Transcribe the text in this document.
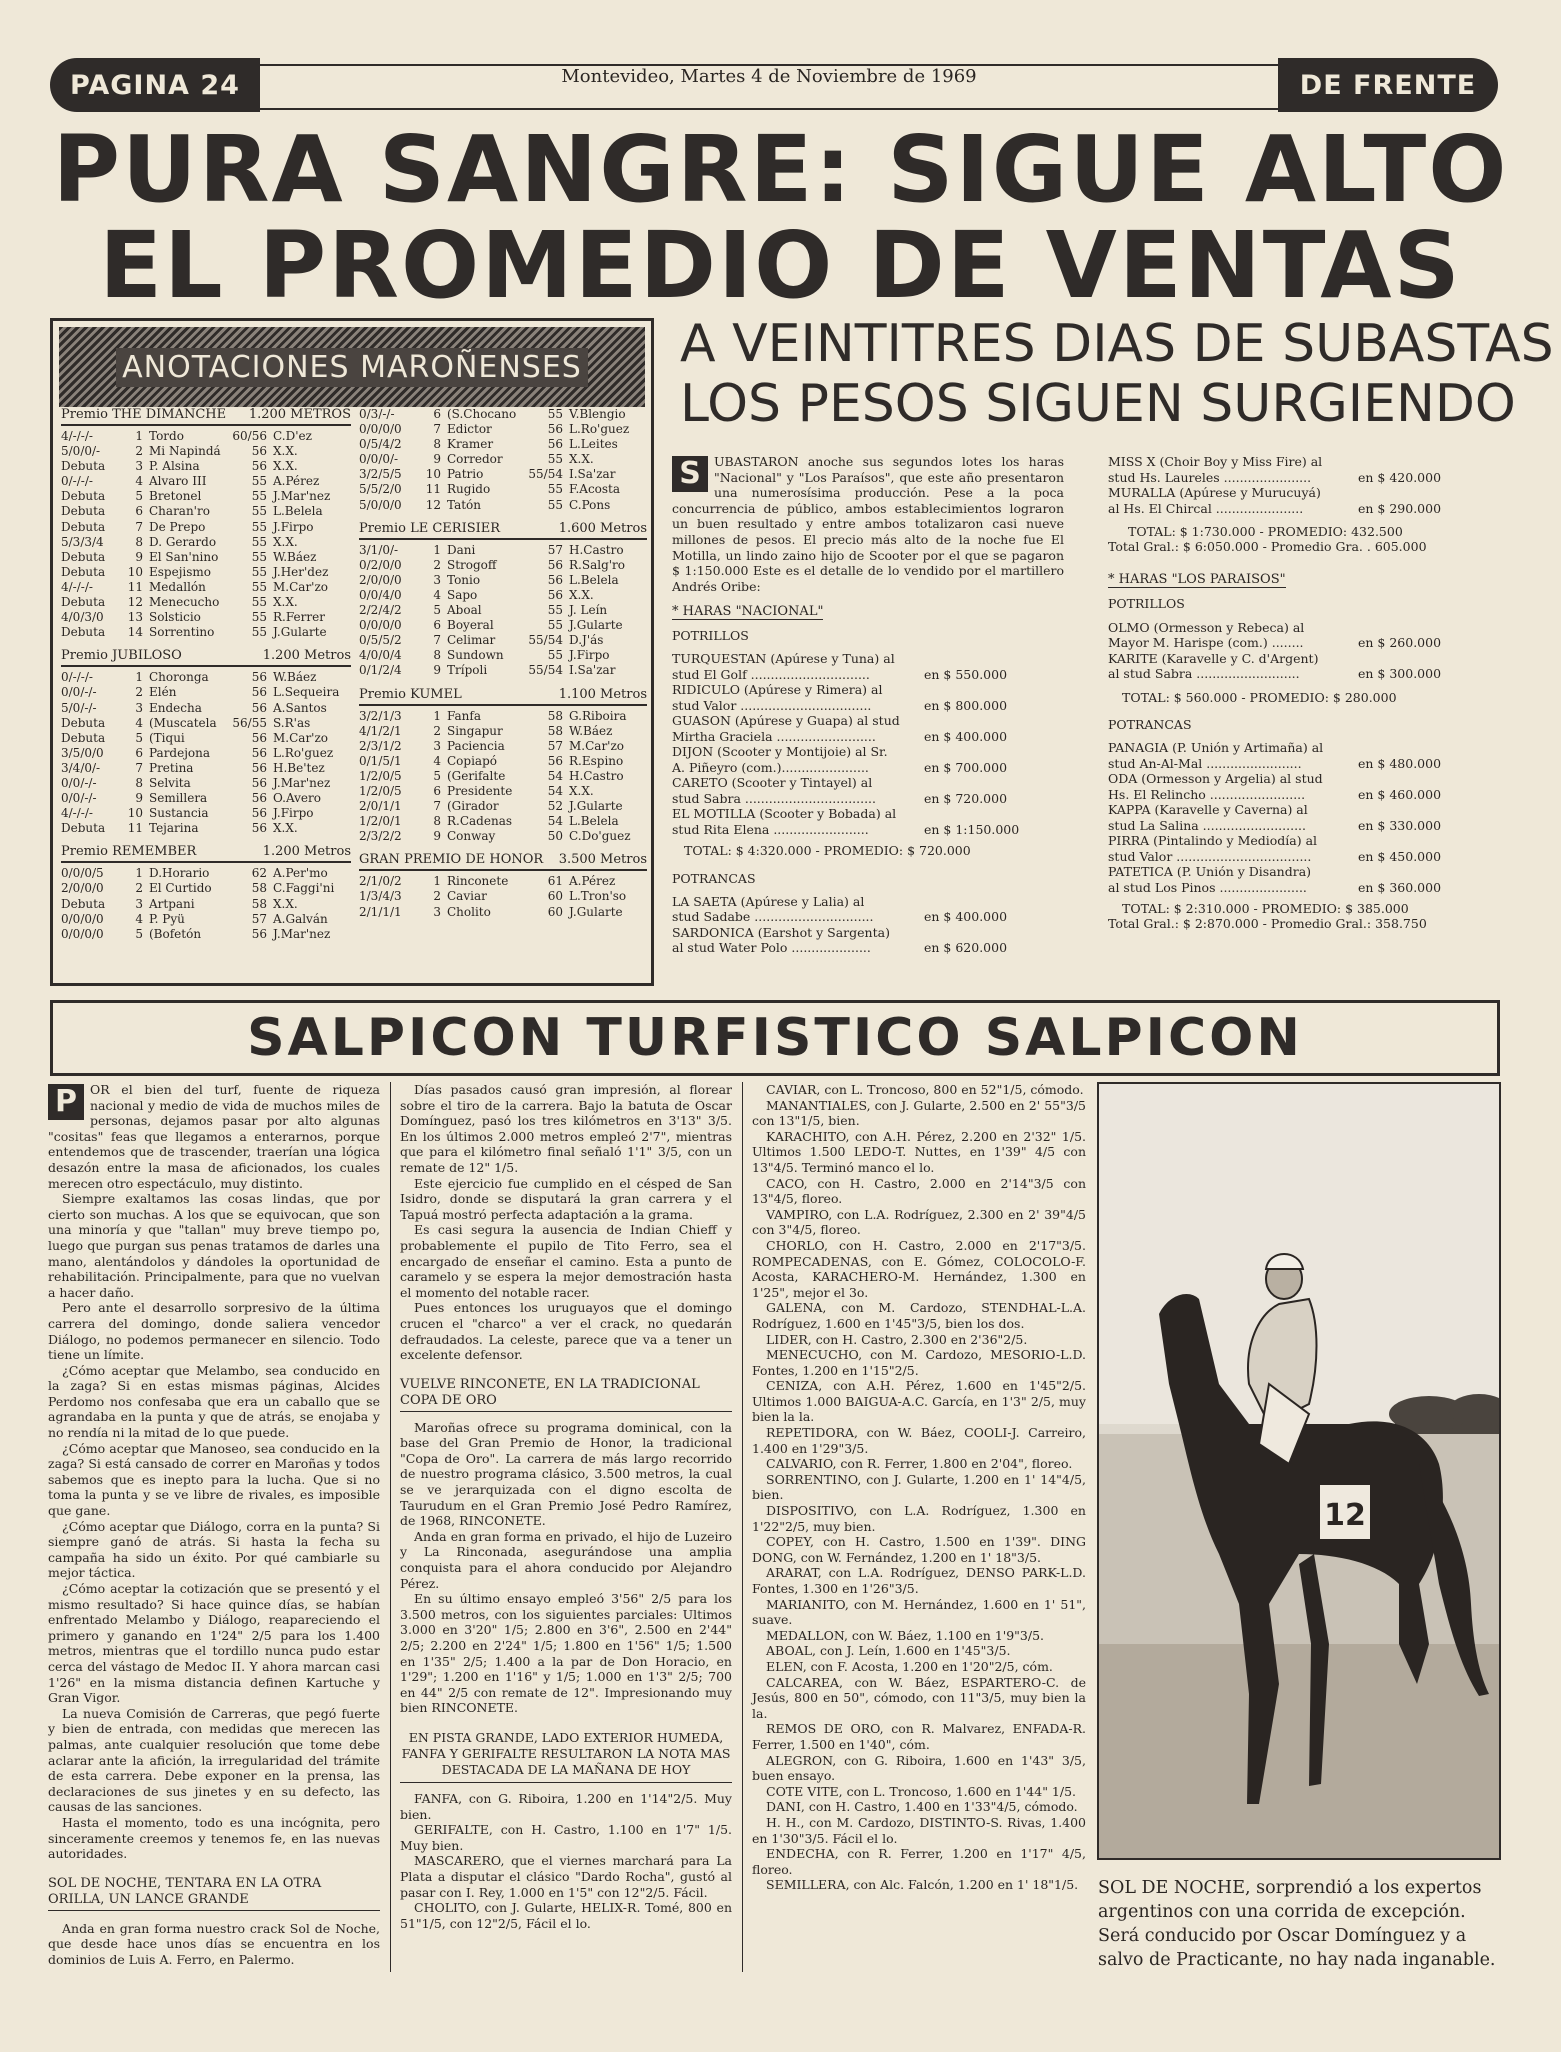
PAGINA 24	Montevideo, Martes 4 de Noviembre de 1969	DE FRENTE
PURA SANGRE: SIGUE ALTO
EL PROMEDIO DE VENTAS
A VEINTITRES DIAS DE SUBASTAS
LOS PESOS SIGUEN SURGIENDO
ANOTACIONES MAROÑENSES
Premio THE DIMANCHE 1.200 METROS
4/-/-/-	1 Tordo	60/56 C.D'ez
5/0/0/-	2 Mi Napindá	56 X.X.
Debuta	3 P. Alsina	56 X.X.
0/-/-/-	4 Alvaro III	55 A.Pérez
Debuta	5 Bretonel	55 J.Mar'nez
Debuta	6 Charan'ro	55 L.Belela
Debuta	7 De Prepo	55 J.Firpo
5/3/3/4	8 D. Gerardo	55 X.X.
Debuta	9 El San'nino	55 W.Báez
Debuta	10 Espejismo	55 J.Her'dez
4/-/-/-	11 Medallón	55 M.Car'zo
Debuta	12 Menecucho	55 X.X.
4/0/3/0	13 Solsticio	55 R.Ferrer
Debuta	14 Sorrentino	55 J.Gularte
Premio JUBILOSO	1.200 Metros
0/-/-/-	1 Choronga	56 W.Báez
0/0/-/-	2 Elén	56 L.Sequeira
5/0/-/-	3 Endecha	56 A.Santos
Debuta	4 (Muscatela	56/55 S.R'as
Debuta	5 (Tiqui	56 M.Car'zo
3/5/0/0	6 Pardejona	56 L.Ro'guez
3/4/0/-	7 Pretina	56 H.Be'tez
0/0/-/-	8 Selvita	56 J.Mar'nez
0/0/-/-	9 Semillera	56 O.Avero
4/-/-/-	10 Sustancia	56 J.Firpo
Debuta	11 Tejarina	56 X.X.
Premio REMEMBER	1.200 Metros
0/0/0/5	1 D.Horario	62 A.Per'mo
2/0/0/0	2 El Curtido	58 C.Faggi'ni
Debuta	3 Artpani	58 X.X.
0/0/0/0	4 P. Pyü	57 A.Galván
0/0/0/0	5 (Bofetón	56 J.Mar'nez
0/3/-/-	6 (S.Chocano	55 V.Blengio
0/0/0/0	7 Edictor	56 L.Ro'guez
0/5/4/2	8 Kramer	56 L.Leites
0/0/0/-	9 Corredor	55 X.X.
3/2/5/5	10 Patrio	55/54 I.Sa'zar
5/5/2/0	11 Rugido	55 F.Acosta
5/0/0/0	12 Tatón	55 C.Pons
Premio LE CERISIER	1.600 Metros
3/1/0/-	1 Dani	57 H.Castro
0/2/0/0	2 Strogoff	56 R.Salg'ro
2/0/0/0	3 Tonio	56 L.Belela
0/0/4/0	4 Sapo	56 X.X.
2/2/4/2	5 Aboal	55 J. Leín
0/0/0/0	6 Boyeral	55 J.Gularte
0/5/5/2	7 Celimar	55/54 D.J'ás
4/0/0/4	8 Sundown	55 J.Firpo
0/1/2/4	9 Trípoli	55/54 I.Sa'zar
Premio KUMEL	1.100 Metros
3/2/1/3	1 Fanfa	58 G.Riboira
4/1/2/1	2 Singapur	58 W.Báez
2/3/1/2	3 Paciencia	57 M.Car'zo
0/1/5/1	4 Copiapó	56 R.Espino
1/2/0/5	5 (Gerifalte	54 H.Castro
1/2/0/5	6 Presidente	54 X.X.
2/0/1/1	7 (Girador	52 J.Gularte
1/2/0/1	8 R.Cadenas	54 L.Belela
2/3/2/2	9 Conway	50 C.Do'guez
GRAN PREMIO DE HONOR 3.500 Metros
2/1/0/2	1 Rinconete	61 A.Pérez
1/3/4/3	2 Caviar	60 L.Tron'so
2/1/1/1	3 Cholito	60 J.Gularte
S	UBASTARON anoche sus segundos lotes los haras "Nacional" y "Los Paraísos", que este año presentaron una numerosísima producción. Pese a la poca concurrencia de público, ambos establecimientos lograron un buen resultado y entre ambos totalizaron casi nueve millones de pesos. El precio más alto de la noche fue El Motilla, un lindo zaino hijo de Scooter por el que se pagaron $ 1:150.000 Este es el detalle de lo vendido por el martillero Andrés Oribe:
* HARAS "NACIONAL"
POTRILLOS
TURQUESTAN (Apúrese y Tuna) al
stud El Golf ..............................	en $ 550.000
RIDICULO (Apúrese y Rimera) al
stud Valor .................................	en $ 800.000
GUASON (Apúrese y Guapa) al stud
Mirtha Graciela .........................	en $ 400.000
DIJON (Scooter y Montijoie) al Sr.
A. Piñeyro (com.)......................	en $ 700.000
CARETO (Scooter y Tintayel) al
stud Sabra .................................	en $ 720.000
EL MOTILLA (Scooter y Bobada) al
stud Rita Elena ........................	en $ 1:150.000
TOTAL: $ 4:320.000 - PROMEDIO: $ 720.000
POTRANCAS
LA SAETA (Apúrese y Lalia) al
stud Sadabe ..............................	en $ 400.000
SARDONICA (Earshot y Sargenta)
al stud Water Polo ....................	en $ 620.000
MISS X (Choir Boy y Miss Fire) al
stud Hs. Laureles ......................	en $ 420.000
MURALLA (Apúrese y Murucuyá)
al Hs. El Chircal ......................	en $ 290.000
TOTAL: $ 1:730.000 - PROMEDIO: 432.500
Total Gral.: $ 6:050.000 - Promedio Gra. . 605.000
* HARAS "LOS PARAISOS"
POTRILLOS
OLMO (Ormesson y Rebeca) al
Mayor M. Harispe (com.) ........	en $ 260.000
KARITE (Karavelle y C. d'Argent)
al stud Sabra ..........................	en $ 300.000
TOTAL: $ 560.000 - PROMEDIO: $ 280.000
POTRANCAS
PANAGIA (P. Unión y Artimaña) al
stud An-Al-Mal ........................	en $ 480.000
ODA (Ormesson y Argelia) al stud
Hs. El Relincho ........................	en $ 460.000
KAPPA (Karavelle y Caverna) al
stud La Salina ..........................	en $ 330.000
PIRRA (Pintalindo y Mediodía) al
stud Valor ..................................	en $ 450.000
PATETICA (P. Unión y Disandra)
al stud Los Pinos ......................	en $ 360.000
TOTAL: $ 2:310.000 - PROMEDIO: $ 385.000
Total Gral.: $ 2:870.000 - Promedio Gral.: 358.750
SALPICON TURFISTICO SALPICON

P	OR el bien del turf, fuente de riqueza nacional y medio de vida de muchos miles de personas, dejamos pasar por alto algunas "cositas" feas que llegamos a enterarnos, porque entendemos que de trascender, traerían una lógica desazón entre la masa de aficionados, los cuales merecen otro espectáculo, muy distinto.

Siempre exaltamos las cosas lindas, que por cierto son muchas. A los que se equivocan, que son una minoría y que "tallan" muy breve tiempo po, luego que purgan sus penas tratamos de darles una mano, alentándolos y dándoles la oportunidad de rehabilitación. Principalmente, para que no vuelvan a hacer daño.

Pero ante el desarrollo sorpresivo de la última carrera del domingo, donde saliera vencedor Diálogo, no podemos permanecer en silencio. Todo tiene un límite.

¿Cómo aceptar que Melambo, sea conducido en la zaga? Si en estas mismas páginas, Alcides Perdomo nos confesaba que era un caballo que se agrandaba en la punta y que de atrás, se enojaba y no rendía ni la mitad de lo que puede.

¿Cómo aceptar que Manoseo, sea conducido en la zaga? Si está cansado de correr en Maroñas y todos sabemos que es inepto para la lucha. Que si no toma la punta y se ve libre de rivales, es imposible que gane.

¿Cómo aceptar que Diálogo, corra en la punta? Si siempre ganó de atrás. Si hasta la fecha su campaña ha sido un éxito. Por qué cambiarle su mejor táctica.

¿Cómo aceptar la cotización que se presentó y el mismo resultado? Si hace quince días, se habían enfrentado Melambo y Diálogo, reapareciendo el primero y ganando en 1'24" 2/5 para los 1.400 metros, mientras que el tordillo nunca pudo estar cerca del vástago de Medoc II. Y ahora marcan casi 1'26" en la misma distancia definen Kartuche y Gran Vigor.

La nueva Comisión de Carreras, que pegó fuerte y bien de entrada, con medidas que merecen las palmas, ante cualquier resolución que tome debe aclarar ante la afición, la irregularidad del trámite de esta carrera. Debe exponer en la prensa, las declaraciones de sus jinetes y en su defecto, las causas de las sanciones.

Hasta el momento, todo es una incógnita, pero sinceramente creemos y tenemos fe, en las nuevas autoridades.

SOL DE NOCHE, TENTARA EN LA OTRA ORILLA, UN LANCE GRANDE

Anda en gran forma nuestro crack Sol de Noche, que desde hace unos días se encuentra en los dominios de Luis A. Ferro, en Palermo.

Días pasados causó gran impresión, al florear sobre el tiro de la carrera. Bajo la batuta de Oscar Domínguez, pasó los tres kilómetros en 3'13" 3/5. En los últimos 2.000 metros empleó 2'7", mientras que para el kilómetro final señaló 1'1" 3/5, con un remate de 12" 1/5.

Este ejercicio fue cumplido en el césped de San Isidro, donde se disputará la gran carrera y el Tapuá mostró perfecta adaptación a la grama.

Es casi segura la ausencia de Indian Chieff y probablemente el pupilo de Tito Ferro, sea el encargado de enseñar el camino. Esta a punto de caramelo y se espera la mejor demostración hasta el momento del notable racer.

Pues entonces los uruguayos que el domingo crucen el "charco" a ver el crack, no quedarán defraudados. La celeste, parece que va a tener un excelente defensor.

VUELVE RINCONETE, EN LA TRADICIONAL COPA DE ORO

Maroñas ofrece su programa dominical, con la base del Gran Premio de Honor, la tradicional "Copa de Oro". La carrera de más largo recorrido de nuestro programa clásico, 3.500 metros, la cual se ve jerarquizada con el digno escolta de Taurudum en el Gran Premio José Pedro Ramírez, de 1968, RINCONETE.

Anda en gran forma en privado, el hijo de Luzeiro y La Rinconada, asegurándose una amplia conquista para el ahora conducido por Alejandro Pérez.

En su último ensayo empleó 3'56" 2/5 para los 3.500 metros, con los siguientes parciales: Ultimos 3.000 en 3'20" 1/5; 2.800 en 3'6", 2.500 en 2'44" 2/5; 2.200 en 2'24" 1/5; 1.800 en 1'56" 1/5; 1.500 en 1'35" 2/5; 1.400 a la par de Don Horacio, en 1'29"; 1.200 en 1'16" y 1/5; 1.000 en 1'3" 2/5; 700 en 44" 2/5 con remate de 12". Impresionando muy bien RINCONETE.

EN PISTA GRANDE, LADO EXTERIOR HUMEDA, FANFA Y GERIFALTE RESULTARON LA NOTA MAS DESTACADA DE LA MAÑANA DE HOY

FANFA, con G. Riboira, 1.200 en 1'14"2/5. Muy bien.

GERIFALTE, con H. Castro, 1.100 en 1'7" 1/5. Muy bien.

MASCARERO, que el viernes marchará para La Plata a disputar el clásico "Dardo Rocha", gustó al pasar con I. Rey, 1.000 en 1'5" con 12"2/5. Fácil.

CHOLITO, con J. Gularte, HELIX-R. Tomé, 800 en 51"1/5, con 12"2/5, Fácil el lo.

CAVIAR, con L. Troncoso, 800 en 52"1/5, cómodo.

MANANTIALES, con J. Gularte, 2.500 en 2' 55"3/5 con 13"1/5, bien.

KARACHITO, con A.H. Pérez, 2.200 en 2'32" 1/5. Ultimos 1.500 LEDO-T. Nuttes, en 1'39" 4/5 con 13"4/5. Terminó manco el lo.

CACO, con H. Castro, 2.000 en 2'14"3/5 con 13"4/5, floreo.

VAMPIRO, con L.A. Rodríguez, 2.300 en 2' 39"4/5 con 3"4/5, floreo.

CHORLO, con H. Castro, 2.000 en 2'17"3/5. ROMPECADENAS, con E. Gómez, COLOCOLO-F. Acosta, KARACHERO-M. Hernández, 1.300 en 1'25", mejor el 3o.

GALENA, con M. Cardozo, STENDHAL-L.A. Rodríguez, 1.600 en 1'45"3/5, bien los dos.

LIDER, con H. Castro, 2.300 en 2'36"2/5.

MENECUCHO, con M. Cardozo, MESORIO-L.D. Fontes, 1.200 en 1'15"2/5.

CENIZA, con A.H. Pérez, 1.600 en 1'45"2/5. Ultimos 1.000 BAIGUA-A.C. García, en 1'3" 2/5, muy bien la la.

REPETIDORA, con W. Báez, COOLI-J. Carreiro, 1.400 en 1'29"3/5.

CALVARIO, con R. Ferrer, 1.800 en 2'04", floreo.

SORRENTINO, con J. Gularte, 1.200 en 1' 14"4/5, bien.

DISPOSITIVO, con L.A. Rodríguez, 1.300 en 1'22"2/5, muy bien.

COPEY, con H. Castro, 1.500 en 1'39". DING DONG, con W. Fernández, 1.200 en 1' 18"3/5.

ARARAT, con L.A. Rodríguez, DENSO PARK-L.D. Fontes, 1.300 en 1'26"3/5.

MARIANITO, con M. Hernández, 1.600 en 1' 51", suave.

MEDALLON, con W. Báez, 1.100 en 1'9"3/5.

ABOAL, con J. Leín, 1.600 en 1'45"3/5.

ELEN, con F. Acosta, 1.200 en 1'20"2/5, cóm.

CALCAREA, con W. Báez, ESPARTERO-C. de Jesús, 800 en 50", cómodo, con 11"3/5, muy bien la la.

REMOS DE ORO, con R. Malvarez, ENFADA-R. Ferrer, 1.500 en 1'40", cóm.

ALEGRON, con G. Riboira, 1.600 en 1'43" 3/5, buen ensayo.

COTE VITE, con L. Troncoso, 1.600 en 1'44" 1/5.

DANI, con H. Castro, 1.400 en 1'33"4/5, cómodo.

H. H., con M. Cardozo, DISTINTO-S. Rivas, 1.400 en 1'30"3/5. Fácil el lo.

ENDECHA, con R. Ferrer, 1.200 en 1'17" 4/5, floreo.

SEMILLERA, con Alc. Falcón, 1.200 en 1' 18"1/5.

12
SOL DE NOCHE, sorprendió a los expertos argentinos con una corrida de excepción. Será conducido por Oscar Domínguez y a salvo de Practicante, no hay nada inganable.
